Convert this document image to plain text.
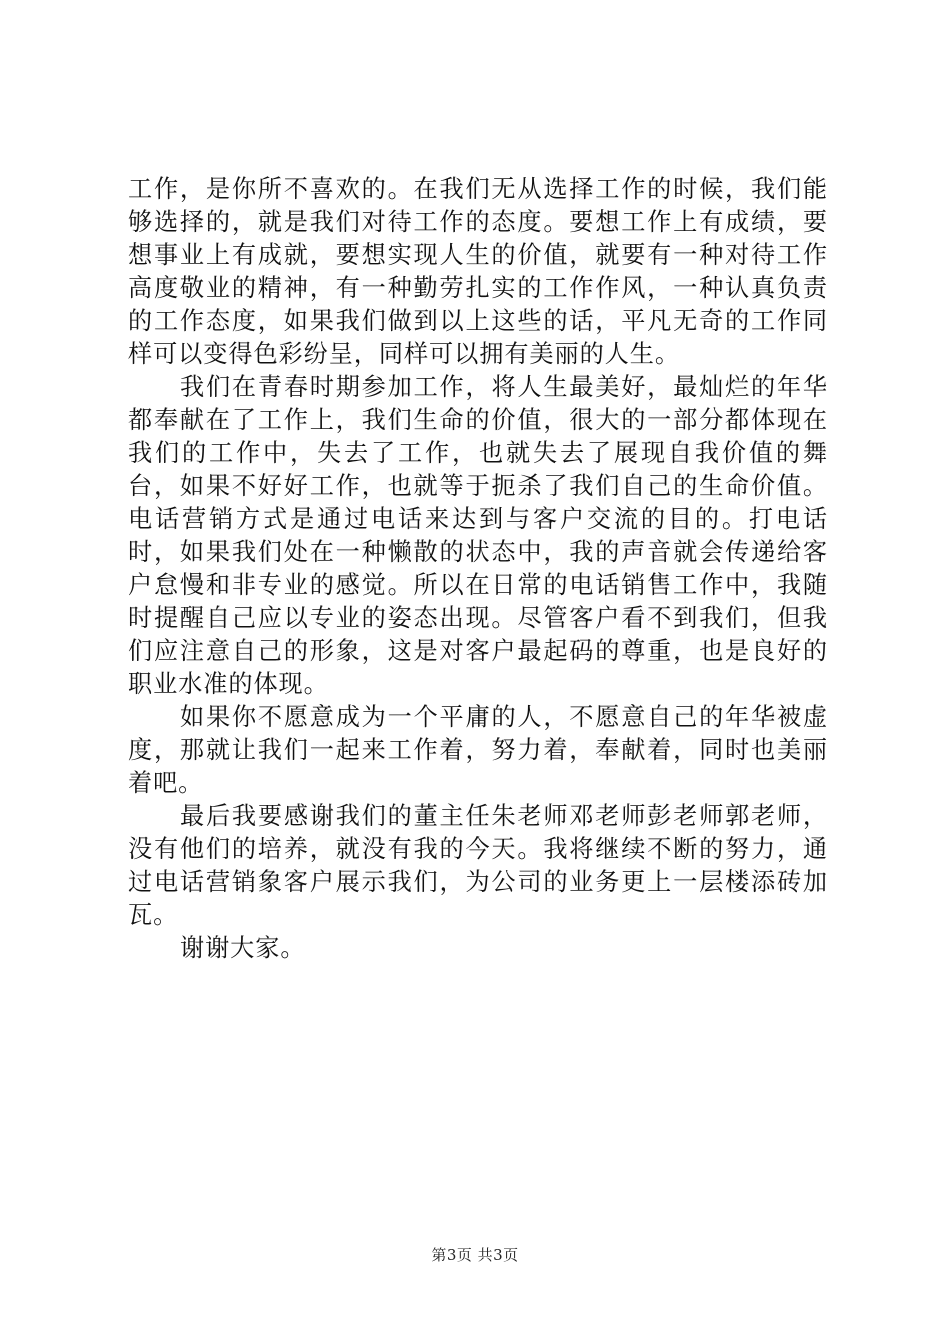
工作，是你所不喜欢的。在我们无从选择工作的时候，我们能够选择的，就是我们对待工作的态度。要想工作上有成绩，要想事业上有成就，要想实现人生的价值，就要有一种对待工作高度敬业的精神，有一种勤劳扎实的工作作风，一种认真负责的工作态度，如果我们做到以上这些的话，平凡无奇的工作同样可以变得色彩纷呈，同样可以拥有美丽的人生。

我们在青春时期参加工作，将人生最美好，最灿烂的年华都奉献在了工作上，我们生命的价值，很大的一部分都体现在我们的工作中，失去了工作，也就失去了展现自我价值的舞台，如果不好好工作，也就等于扼杀了我们自己的生命价值。电话营销方式是通过电话来达到与客户交流的目的。打电话时，如果我们处在一种懒散的状态中，我的声音就会传递给客户怠慢和非专业的感觉。所以在日常的电话销售工作中，我随时提醒自己应以专业的姿态出现。尽管客户看不到我们，但我们应注意自己的形象，这是对客户最起码的尊重，也是良好的职业水准的体现。

如果你不愿意成为一个平庸的人，不愿意自己的年华被虚度，那就让我们一起来工作着，努力着，奉献着，同时也美丽着吧。

最后我要感谢我们的董主任朱老师邓老师彭老师郭老师，没有他们的培养，就没有我的今天。我将继续不断的努力，通过电话营销象客户展示我们，为公司的业务更上一层楼添砖加瓦。

谢谢大家。

第3页 共3页
